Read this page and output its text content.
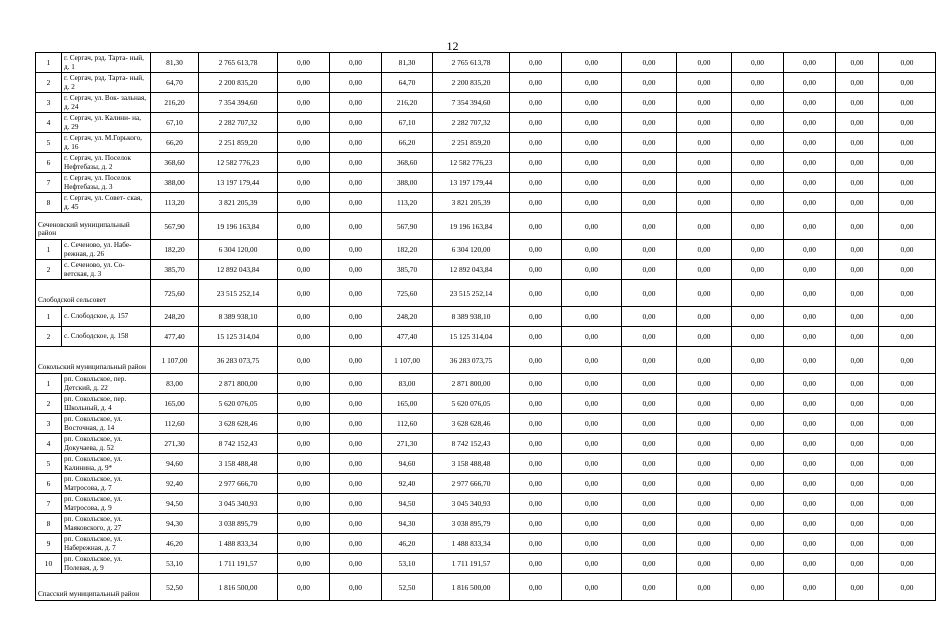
12
1	г. Сергач, рзд. Тарта- ный, д. 1	81,30	2 765 613,78	0,00	0,00	81,30	2 765 613,78	0,00	0,00	0,00	0,00	0,00	0,00	0,00	0,00
2	г. Сергач, рзд. Тарта- ный, д. 2	64,70	2 200 835,20	0,00	0,00	64,70	2 200 835,20	0,00	0,00	0,00	0,00	0,00	0,00	0,00	0,00
3	г. Сергач, ул. Вок- зальная, д. 24	216,20	7 354 394,60	0,00	0,00	216,20	7 354 394,60	0,00	0,00	0,00	0,00	0,00	0,00	0,00	0,00
4	г. Сергач, ул. Калини- на, д. 29	67,10	2 282 707,32	0,00	0,00	67,10	2 282 707,32	0,00	0,00	0,00	0,00	0,00	0,00	0,00	0,00
5	г. Сергач, ул. М.Горького, д. 16	66,20	2 251 859,20	0,00	0,00	66,20	2 251 859,20	0,00	0,00	0,00	0,00	0,00	0,00	0,00	0,00
6	г. Сергач, ул. Поселок Нефтебазы, д. 2	368,60	12 582 776,23	0,00	0,00	368,60	12 582 776,23	0,00	0,00	0,00	0,00	0,00	0,00	0,00	0,00
7	г. Сергач, ул. Поселок Нефтебазы, д. 3	388,00	13 197 179,44	0,00	0,00	388,00	13 197 179,44	0,00	0,00	0,00	0,00	0,00	0,00	0,00	0,00
8	г. Сергач, ул. Совет- ская, д. 45	113,20	3 821 205,39	0,00	0,00	113,20	3 821 205,39	0,00	0,00	0,00	0,00	0,00	0,00	0,00	0,00
Сеченовский муниципальный район		567,90	19 196 163,84	0,00	0,00	567,90	19 196 163,84	0,00	0,00	0,00	0,00	0,00	0,00	0,00	0,00
1	с. Сеченово, ул. Набе- режная, д. 26	182,20	6 304 120,00	0,00	0,00	182,20	6 304 120,00	0,00	0,00	0,00	0,00	0,00	0,00	0,00	0,00
2	с. Сеченово, ул. Со- ветская, д. 3	385,70	12 892 043,84	0,00	0,00	385,70	12 892 043,84	0,00	0,00	0,00	0,00	0,00	0,00	0,00	0,00
Слободской сельсовет		725,60	23 515 252,14	0,00	0,00	725,60	23 515 252,14	0,00	0,00	0,00	0,00	0,00	0,00	0,00	0,00
1	с. Слободское, д. 157	248,20	8 389 938,10	0,00	0,00	248,20	8 389 938,10	0,00	0,00	0,00	0,00	0,00	0,00	0,00	0,00
2	с. Слободское, д. 158	477,40	15 125 314,04	0,00	0,00	477,40	15 125 314,04	0,00	0,00	0,00	0,00	0,00	0,00	0,00	0,00
Сокольский муниципальный район		1 107,00	36 283 073,75	0,00	0,00	1 107,00	36 283 073,75	0,00	0,00	0,00	0,00	0,00	0,00	0,00	0,00
1	рп. Сокольское, пер. Детский, д. 22	83,00	2 871 800,00	0,00	0,00	83,00	2 871 800,00	0,00	0,00	0,00	0,00	0,00	0,00	0,00	0,00
2	рп. Сокольское, пер. Школьный, д. 4	165,00	5 620 076,05	0,00	0,00	165,00	5 620 076,05	0,00	0,00	0,00	0,00	0,00	0,00	0,00	0,00
3	рп. Сокольское, ул. Восточная, д. 14	112,60	3 628 628,46	0,00	0,00	112,60	3 628 628,46	0,00	0,00	0,00	0,00	0,00	0,00	0,00	0,00
4	рп. Сокольское, ул. Докучаева, д. 52	271,30	8 742 152,43	0,00	0,00	271,30	8 742 152,43	0,00	0,00	0,00	0,00	0,00	0,00	0,00	0,00
5	рп. Сокольское, ул. Калинина, д. 9*	94,60	3 158 488,48	0,00	0,00	94,60	3 158 488,48	0,00	0,00	0,00	0,00	0,00	0,00	0,00	0,00
6	рп. Сокольское, ул. Матросова, д. 7	92,40	2 977 666,70	0,00	0,00	92,40	2 977 666,70	0,00	0,00	0,00	0,00	0,00	0,00	0,00	0,00
7	рп. Сокольское, ул. Матросова, д. 9	94,50	3 045 340,93	0,00	0,00	94,50	3 045 340,93	0,00	0,00	0,00	0,00	0,00	0,00	0,00	0,00
8	рп. Сокольское, ул. Маяковского, д. 27	94,30	3 038 895,79	0,00	0,00	94,30	3 038 895,79	0,00	0,00	0,00	0,00	0,00	0,00	0,00	0,00
9	рп. Сокольское, ул. Набережная, д. 7	46,20	1 488 833,34	0,00	0,00	46,20	1 488 833,34	0,00	0,00	0,00	0,00	0,00	0,00	0,00	0,00
10	рп. Сокольское, ул. Полевая, д. 9	53,10	1 711 191,57	0,00	0,00	53,10	1 711 191,57	0,00	0,00	0,00	0,00	0,00	0,00	0,00	0,00
Спасский муниципальный район		52,50	1 816 500,00	0,00	0,00	52,50	1 816 500,00	0,00	0,00	0,00	0,00	0,00	0,00	0,00	0,00
